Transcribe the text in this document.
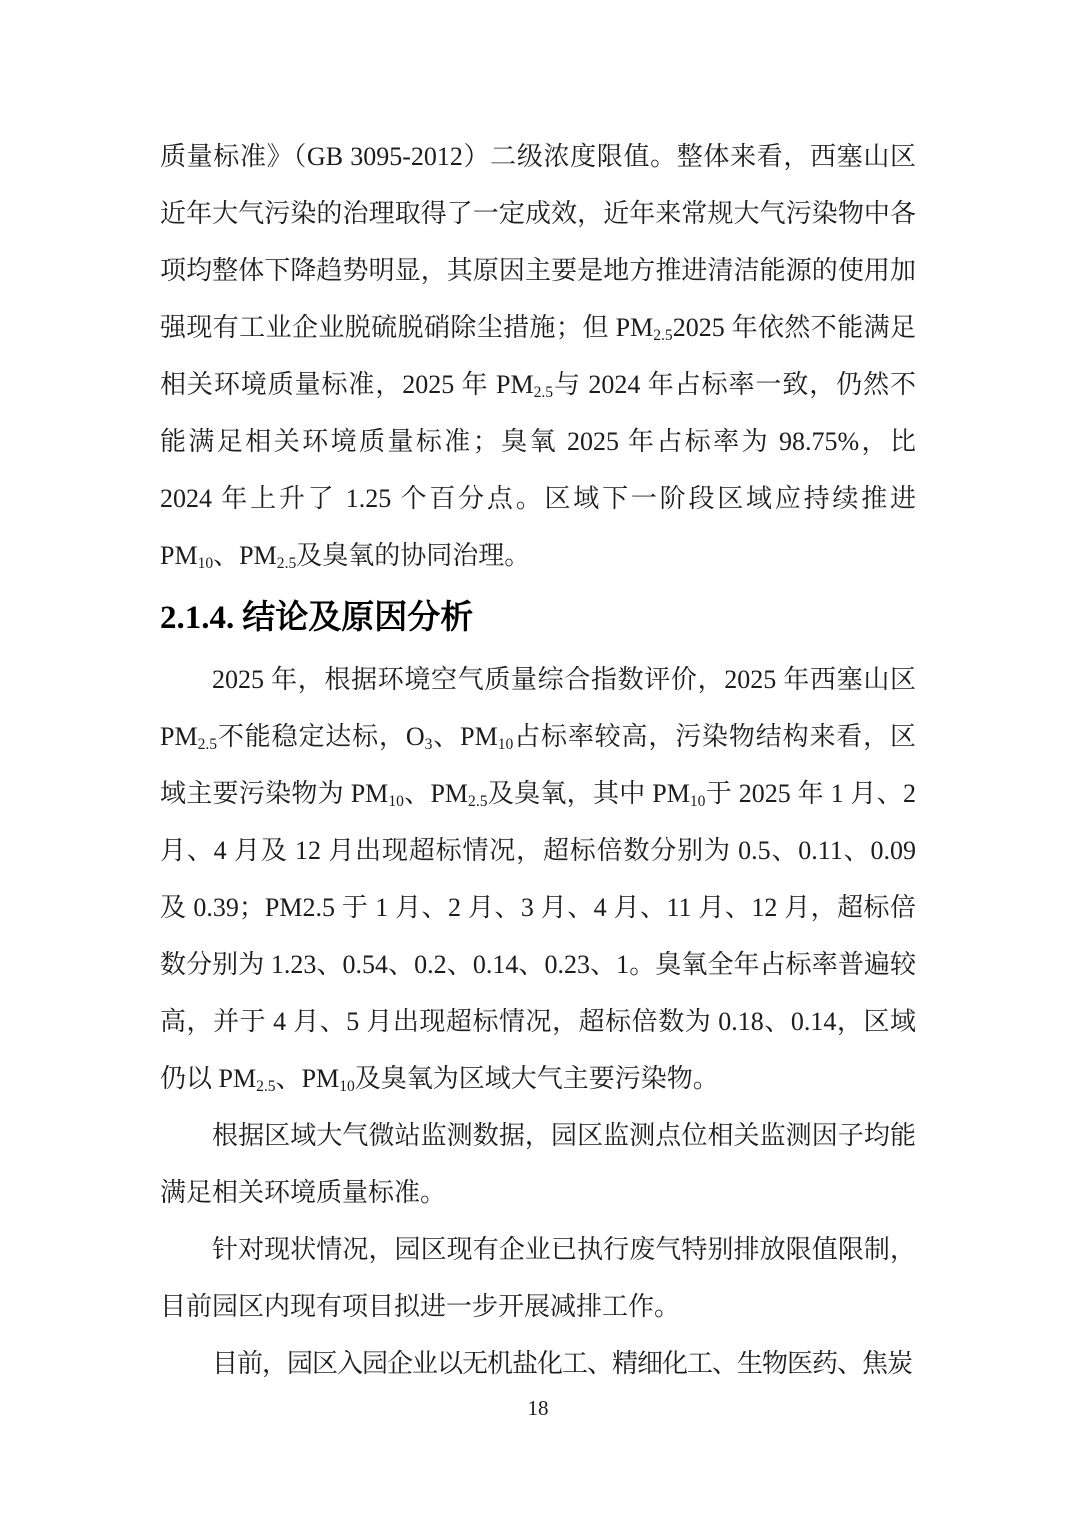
质量标准》（GB 3095-2012）二级浓度限值。整体来看，西塞山区近年大气污染的治理取得了一定成效，近年来常规大气污染物中各项均整体下降趋势明显，其原因主要是地方推进清洁能源的使用加强现有工业企业脱硫脱硝除尘措施；但 $PM_{2.5}2025$ 年依然不能满足相关环境质量标准，2025 年 $PM_{2.5}$与 2024 年占标率一致，仍然不能满足相关环境质量标准；臭氧 2025 年占标率为 98.75%，比 2024 年上升了 1.25 个百分点。区域下一阶段区域应持续推进 $PM_{10}$、$PM_{2.5}$及臭氧的协同治理。

2.1.4. 结论及原因分析

2025 年，根据环境空气质量综合指数评价，2025 年西塞山区 $PM_{2.5}$不能稳定达标，$O_3$、$PM_{10}$占标率较高，污染物结构来看，区域主要污染物为 $PM_{10}$、$PM_{2.5}$及臭氧，其中 $PM_{10}$于 2025 年 1 月、2 月、4 月及 12 月出现超标情况，超标倍数分别为 0.5、0.11、0.09 及 0.39；PM2.5 于 1 月、2 月、3 月、4 月、11 月、12 月，超标倍数分别为 1.23、0.54、0.2、0.14、0.23、1。臭氧全年占标率普遍较高，并于 4 月、5 月出现超标情况，超标倍数为 0.18、0.14，区域仍以 $PM_{2.5}$、$PM_{10}$及臭氧为区域大气主要污染物。

根据区域大气微站监测数据，园区监测点位相关监测因子均能满足相关环境质量标准。

针对现状情况，园区现有企业已执行废气特别排放限值限制，目前园区内现有项目拟进一步开展减排工作。

目前，园区入园企业以无机盐化工、精细化工、生物医药、焦炭

18
